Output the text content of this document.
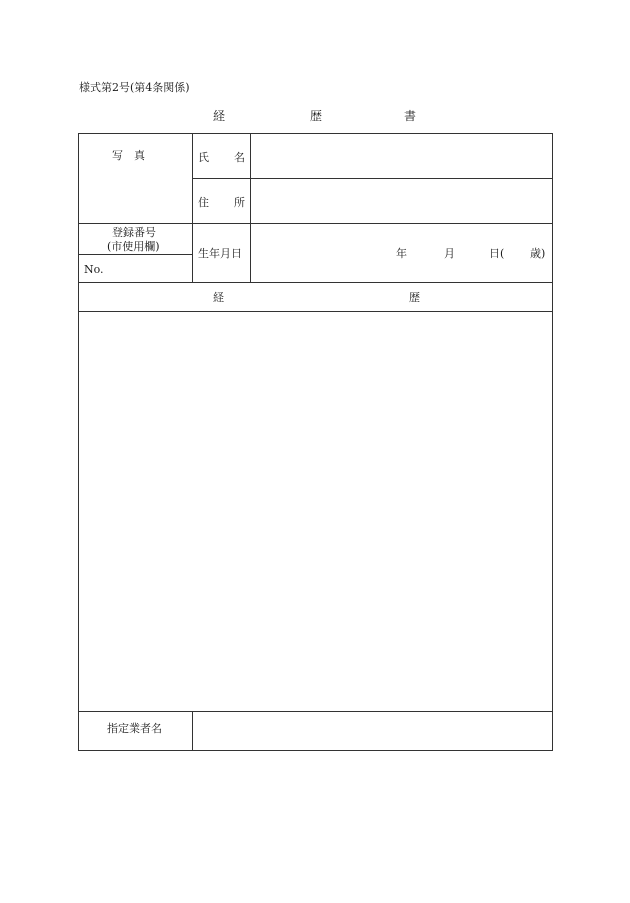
様式第2号(第4条関係)
経	歴	書
写　真	氏 名
住 所
登録番号
(市使用欄)
No.
生年月日	年	月	日( 歳)
経	歴
指定業者名
